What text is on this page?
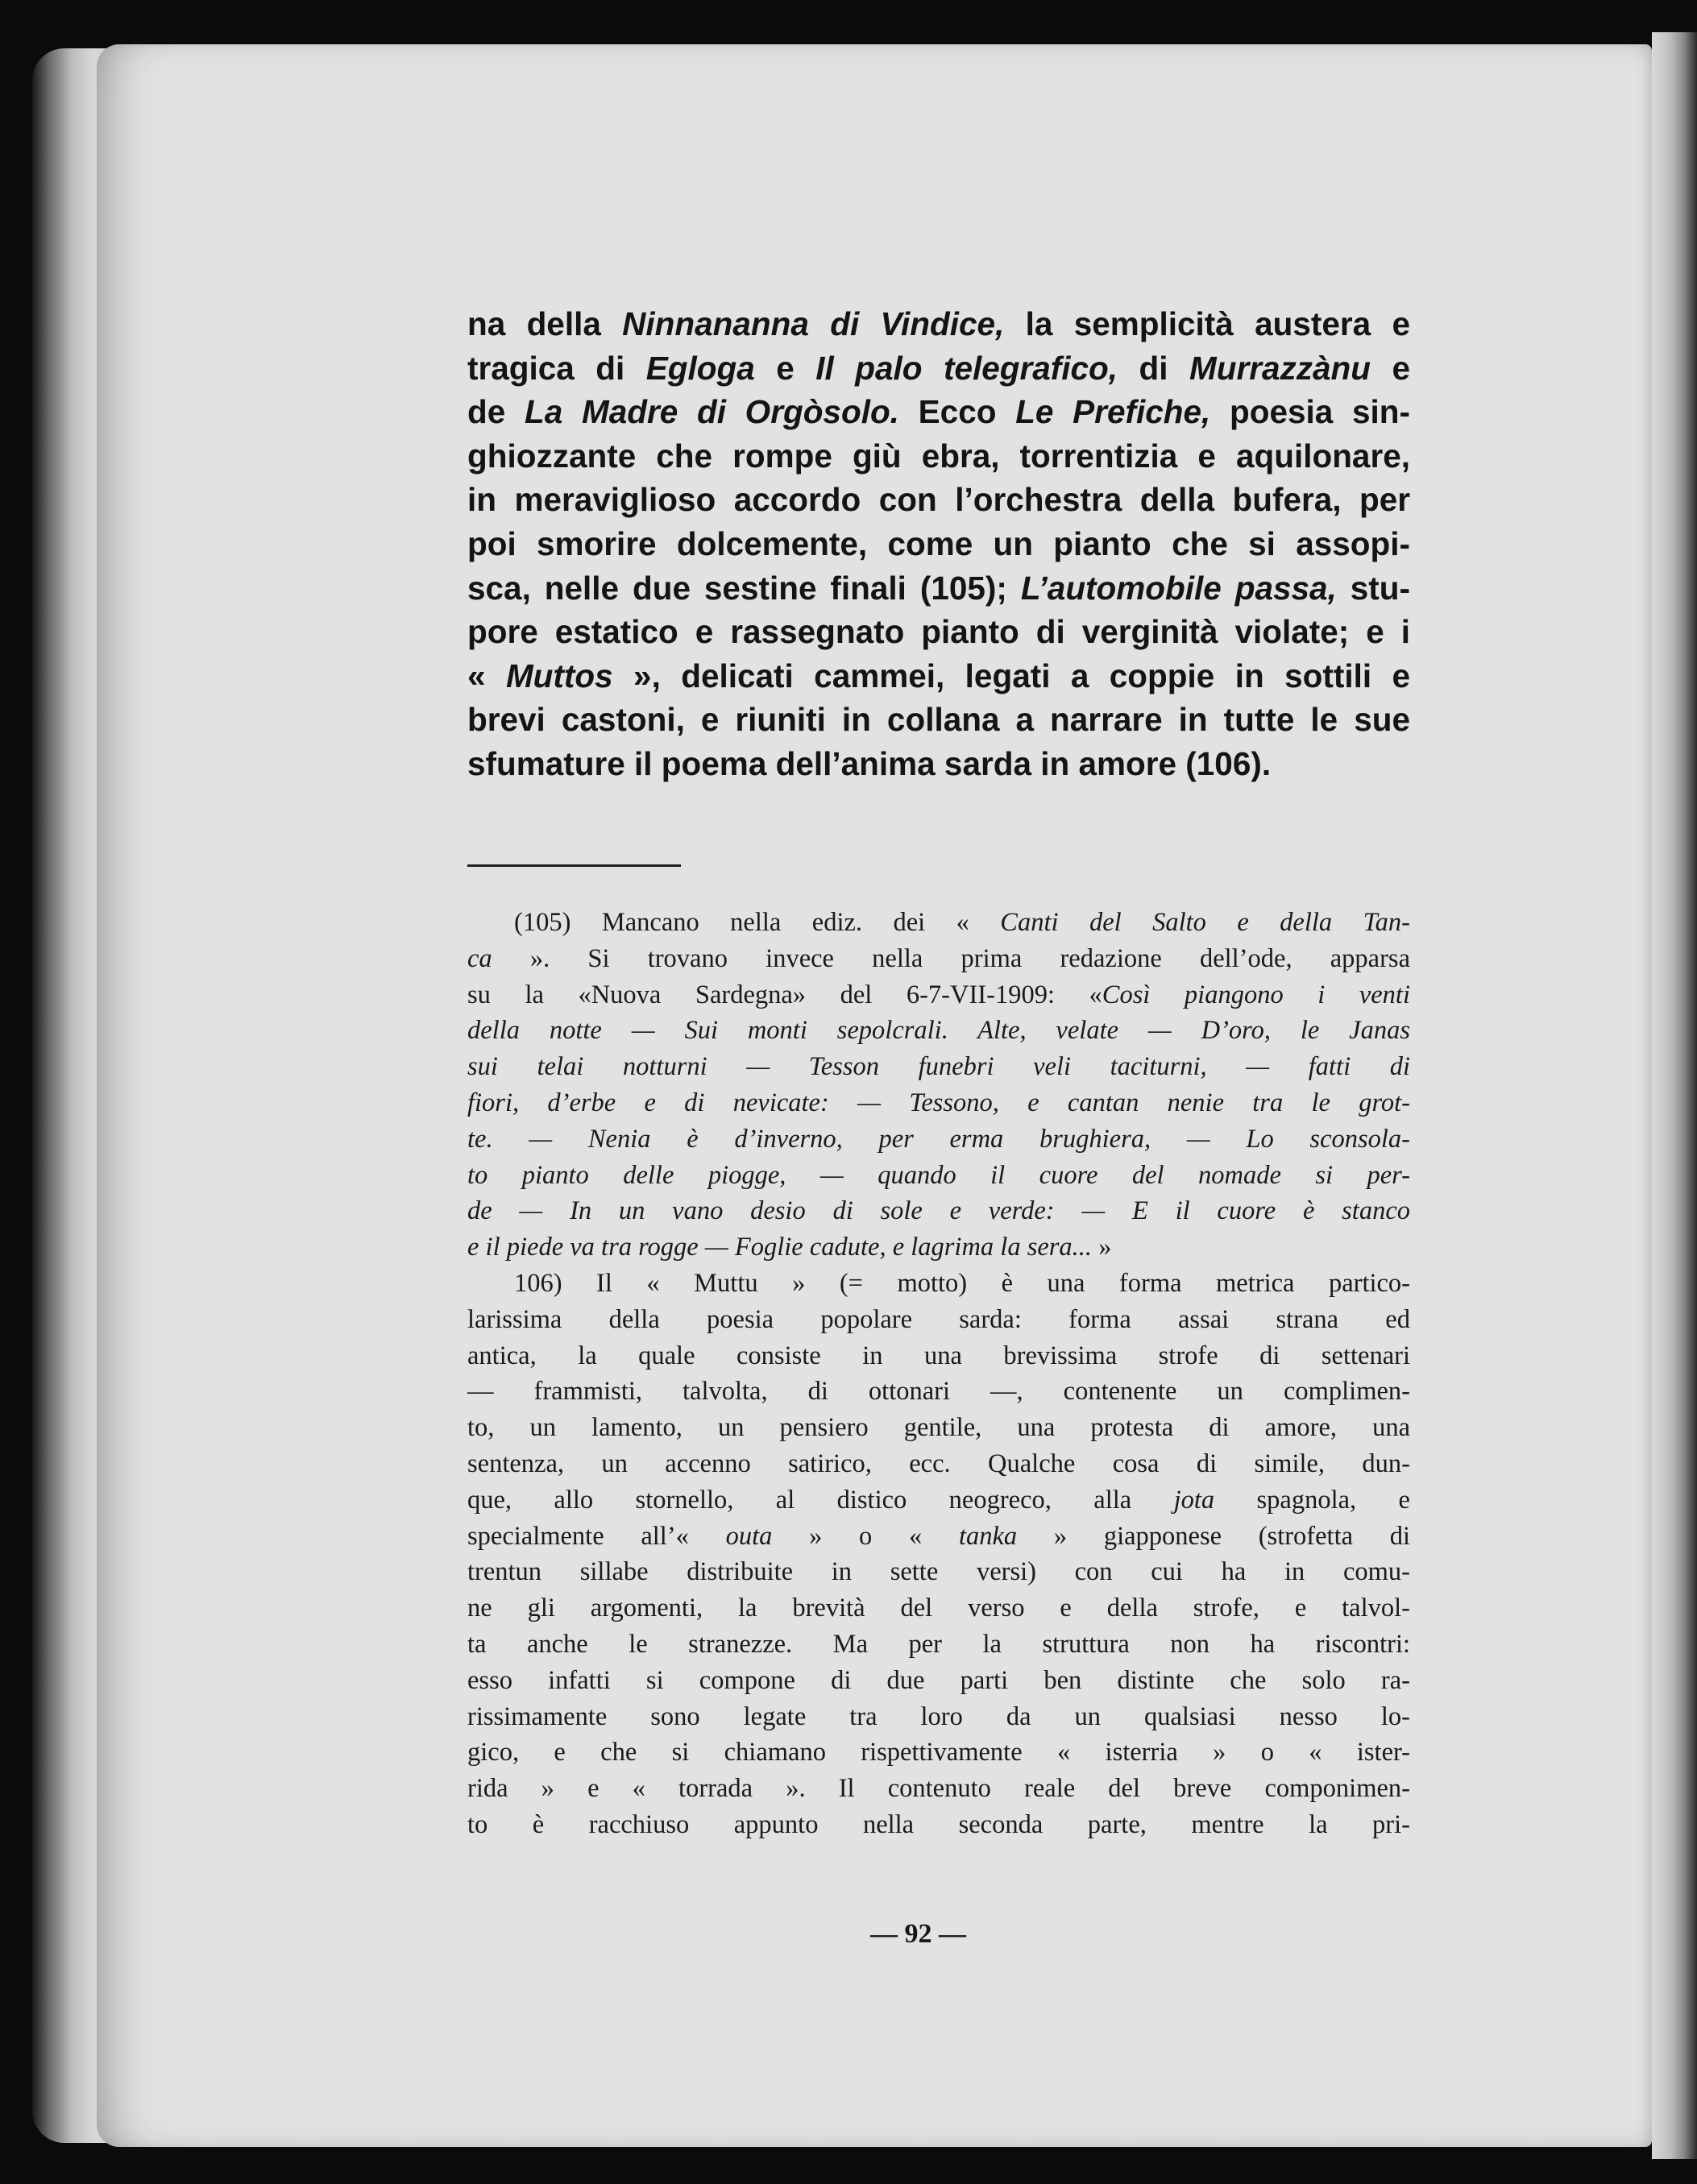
na della Ninnananna di Vindice, la semplicità austera e
tragica di Egloga e Il palo telegrafico, di Murrazzànu e
de La Madre di Orgòsolo. Ecco Le Prefiche, poesia sin-
ghiozzante che rompe giù ebra, torrentizia e aquilonare,
in meraviglioso accordo con l’orchestra della bufera, per
poi smorire dolcemente, come un pianto che si assopi-
sca, nelle due sestine finali (105); L’automobile passa, stu-
pore estatico e rassegnato pianto di verginità violate; e i
« Muttos », delicati cammei, legati a coppie in sottili e
brevi castoni, e riuniti in collana a narrare in tutte le sue
sfumature il poema dell’anima sarda in amore (106).
(105) Mancano nella ediz. dei « Canti del Salto e della Tan-
ca ». Si trovano invece nella prima redazione dell’ode, apparsa
su la «Nuova Sardegna» del 6-7-VII-1909: «Così piangono i venti
della notte — Sui monti sepolcrali. Alte, velate — D’oro, le Janas
sui telai notturni — Tesson funebri veli taciturni, — fatti di
fiori, d’erbe e di nevicate: — Tessono, e cantan nenie tra le grot-
te. — Nenia è d’inverno, per erma brughiera, — Lo sconsola-
to pianto delle piogge, — quando il cuore del nomade si per-
de — In un vano desio di sole e verde: — E il cuore è stanco
e il piede va tra rogge — Foglie cadute, e lagrima la sera... »
106) Il « Muttu » (= motto) è una forma metrica partico-
larissima della poesia popolare sarda: forma assai strana ed
antica, la quale consiste in una brevissima strofe di settenari
— frammisti, talvolta, di ottonari —, contenente un complimen-
to, un lamento, un pensiero gentile, una protesta di amore, una
sentenza, un accenno satirico, ecc. Qualche cosa di simile, dun-
que, allo stornello, al distico neogreco, alla jota spagnola, e
specialmente all’« outa » o « tanka » giapponese (strofetta di
trentun sillabe distribuite in sette versi) con cui ha in comu-
ne gli argomenti, la brevità del verso e della strofe, e talvol-
ta anche le stranezze. Ma per la struttura non ha riscontri:
esso infatti si compone di due parti ben distinte che solo ra-
rissimamente sono legate tra loro da un qualsiasi nesso lo-
gico, e che si chiamano rispettivamente « isterria » o « ister-
rida » e « torrada ». Il contenuto reale del breve componimen-
to è racchiuso appunto nella seconda parte, mentre la pri-
— 92 —
